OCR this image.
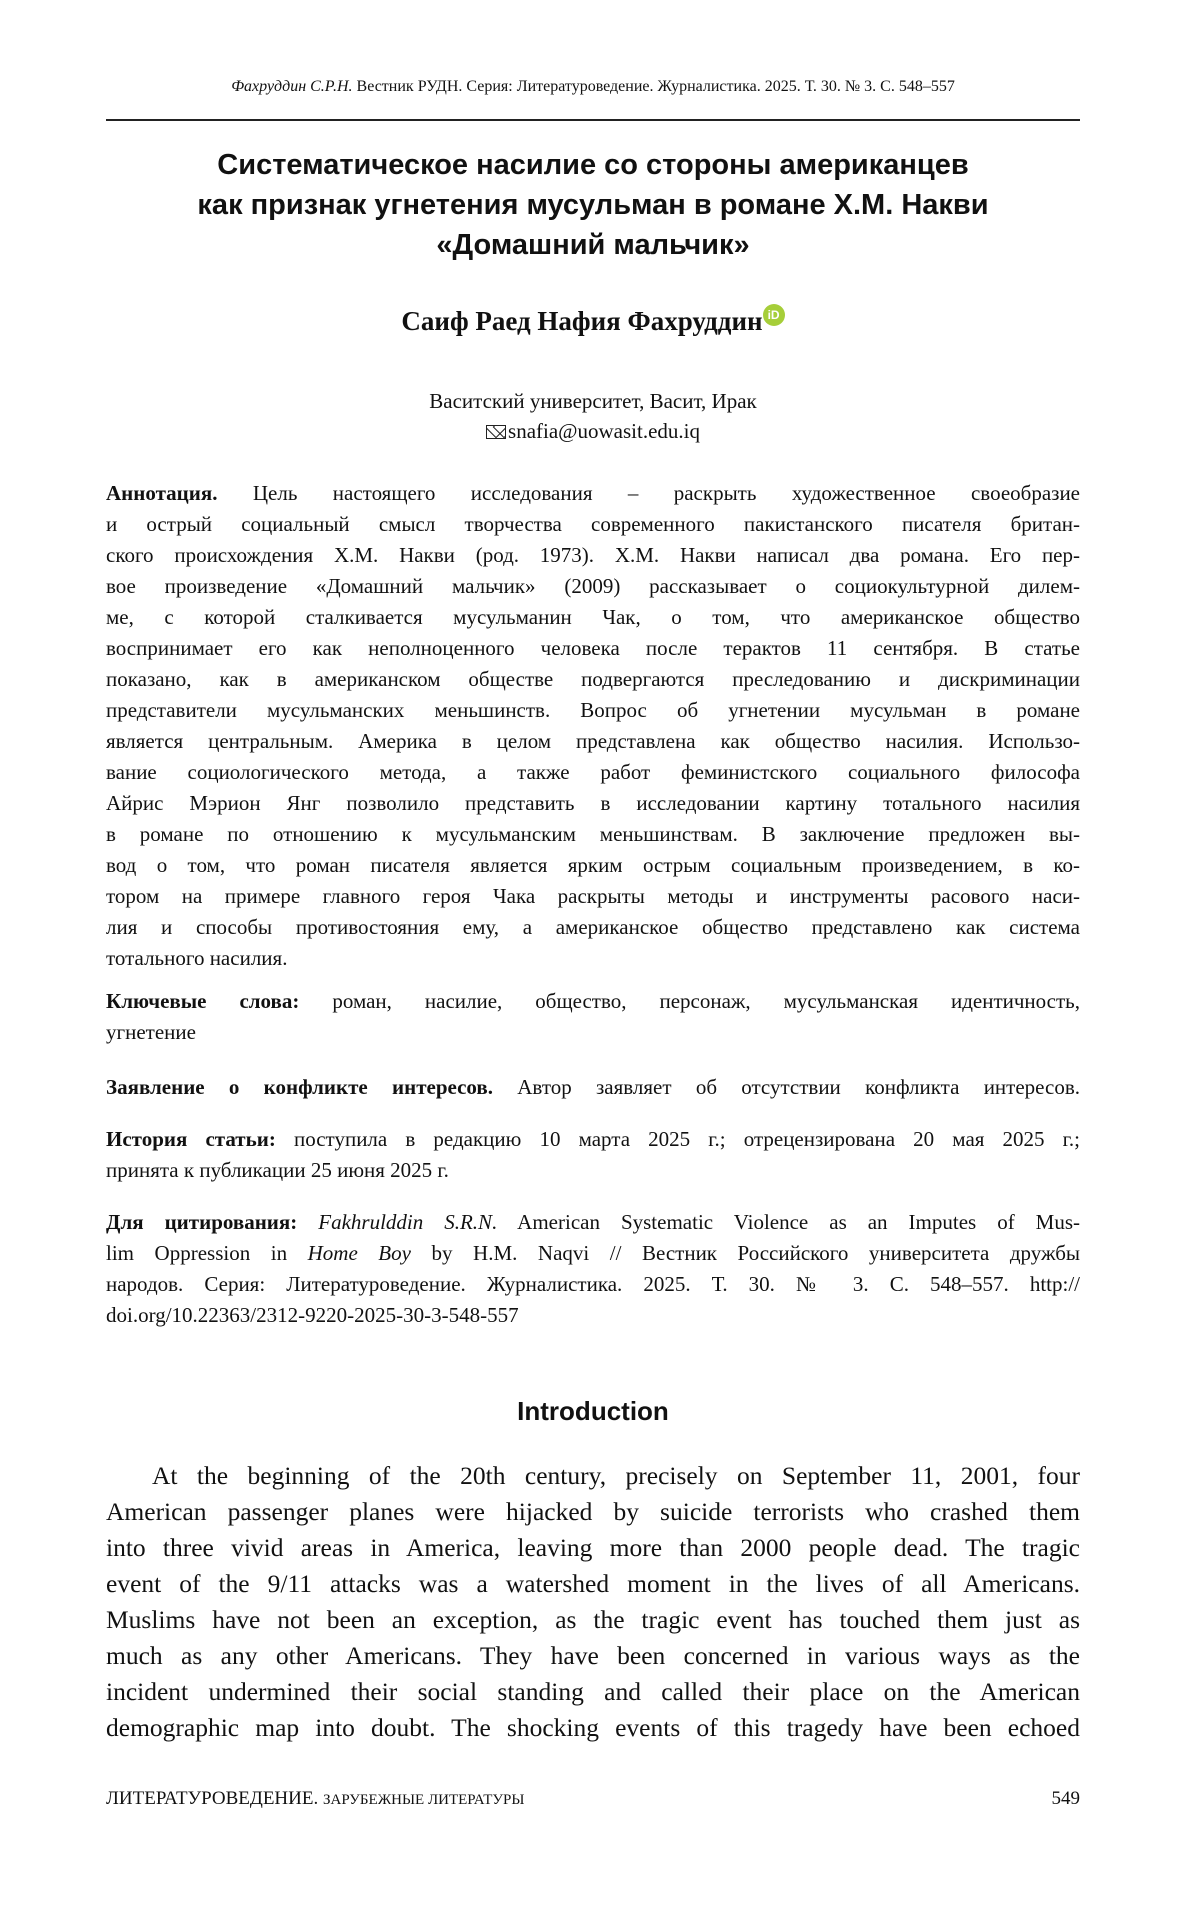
Фахруддин С.Р.Н. Вестник РУДН. Серия: Литературоведение. Журналистика. 2025. Т. 30. № 3. С. 548–557
Систематическое насилие со стороны американцев
как признак угнетения мусульман в романе Х.М. Накви
«Домашний мальчик»
Саиф Раед Нафия Фахруддин iD
Васитский университет, Васит, Ирак
snafia@uowasit.edu.iq
Аннотация. Цель настоящего исследования – раскрыть художественное своеобразие
и острый социальный смысл творчества современного пакистанского писателя британ-
ского происхождения Х.М. Накви (род. 1973). Х.М. Накви написал два романа. Его пер-
вое произведение «Домашний мальчик» (2009) рассказывает о социокультурной дилем-
ме, с которой сталкивается мусульманин Чак, о том, что американское общество
воспринимает его как неполноценного человека после терактов 11 сентября. В статье
показано, как в американском обществе подвергаются преследованию и дискриминации
представители мусульманских меньшинств. Вопрос об угнетении мусульман в романе
является центральным. Америка в целом представлена как общество насилия. Использо-
вание социологического метода, а также работ феминистского социального философа
Айрис Мэрион Янг позволило представить в исследовании картину тотального насилия
в романе по отношению к мусульманским меньшинствам. В заключение предложен вы-
вод о том, что роман писателя является ярким острым социальным произведением, в ко-
тором на примере главного героя Чака раскрыты методы и инструменты расового наси-
лия и способы противостояния ему, а американское общество представлено как система
тотального насилия.
Ключевые слова: роман, насилие, общество, персонаж, мусульманская идентичность,
угнетение
Заявление о конфликте интересов. Автор заявляет об отсутствии конфликта интересов.
История статьи: поступила в редакцию 10 марта 2025 г.; отрецензирована 20 мая 2025 г.;
принята к публикации 25 июня 2025 г.
Для цитирования: Fakhrulddin S.R.N. American Systematic Violence as an Imputes of Mus-
lim Oppression in Home Boy by H.M. Naqvi // Вестник Российского университета дружбы
народов. Серия: Литературоведение. Журналистика. 2025. Т. 30. № 3. С. 548–557. http://
doi.org/10.22363/2312-9220-2025-30-3-548-557
Introduction
At the beginning of the 20th century, precisely on September 11, 2001, four
American passenger planes were hijacked by suicide terrorists who crashed them
into three vivid areas in America, leaving more than 2000 people dead. The tragic
event of the 9/11 attacks was a watershed moment in the lives of all Americans.
Muslims have not been an exception, as the tragic event has touched them just as
much as any other Americans. They have been concerned in various ways as the
incident undermined their social standing and called their place on the American
demographic map into doubt. The shocking events of this tragedy have been echoed
ЛИТЕРАТУРОВЕДЕНИЕ. ЗАРУБЕЖНЫЕ ЛИТЕРАТУРЫ	549
